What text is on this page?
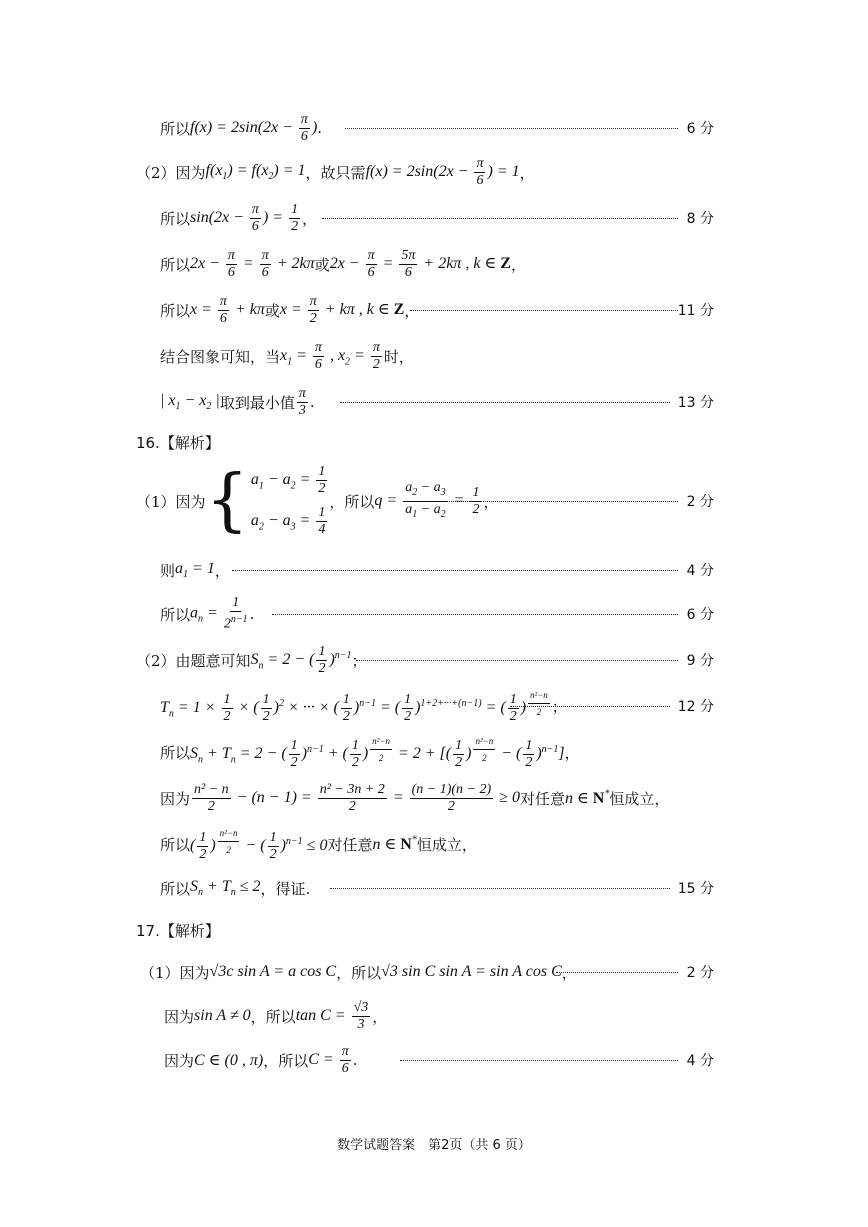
所以 $f(x) = 2\sin(2x - \frac{\pi}{6}$ ) .	6 分
（2）因为 $f(x_1) = f(x_2) = 1$ ，故只需 $f(x) = 2\sin(2x - \frac{\pi}{6}$ ) = 1 ，
所以 $\sin(2x - \frac{\pi}{6}$ ) = $\frac{1}{2}$ ，	8 分
所以 $2x - \frac{\pi}{6} = \frac{\pi}{6} + 2k\pi$ 或 $2x - \frac{\pi}{6} = \frac{5\pi}{6} + 2k\pi$ , k ∈ Z ，
所以 $x = \frac{\pi}{6} + k\pi$ 或 $x = \frac{\pi}{2} + k\pi$ , k ∈ Z ，	11 分
结合图象可知，当 $x_1 = \frac{\pi}{6}$ , $x_2 = \frac{\pi}{2}$ 时，
| $x_1 - x_2$ | 取到最小值 $\frac{\pi}{3}$ .	13 分
16.【解析】
（1）因为 { $a_1 - a_2 = \frac{1}{2}$
$a_2 - a_3 = \frac{1}{4}$
，所以 $q = \frac{a_2 - a_3}{a_1 - a_2} = \frac{1}{2}$ ，	2 分
则 $a_1 = 1$ ，	4 分
所以 $a_n = \frac{1}{2^{n-1}}$ .	6 分
（2）由题意可知 $S_n = 2$ − ( $\frac{1}{2} )^{n-1}$ ；	9 分
$T_n = 1 \times \frac{1}{2}$ × ( $\frac{1}{2} )^2$ × ··· × ( $\frac{1}{2} )^{n-1}$ = ( $\frac{1}{2} )^{1+2+\cdot\cdot\cdot+(n-1)}$ = ( $\frac{1}{2}$ ) $^{\frac{\text{n²−n}}{2}}$ ；	12 分
所以 $S_n + T_n = 2$ − ( $\frac{1}{2} )^{n-1}$ + ( $\frac{1}{2}$ ) $^{\frac{\text{n²−n}}{2}}$ = 2 + [( $\frac{1}{2}$ ) $^{\frac{\text{n²−n}}{2}}$ − ( $\frac{1}{2} )^{n-1}$] ，
因为 $\frac{\text{n² − n}}{2} - (n - 1) = \frac{\text{n² − 3n + 2}}{2} = \frac{(n - 1)(n - 2)}{2} \ge 0$ 对任意 n ∈ N* 恒成立，
所以 ( $\frac{1}{2}$ ) $^{\frac{\text{n²−n}}{2}}$ − ( $\frac{1}{2} )^{n-1} \le 0$ 对任意 n ∈ N* 恒成立，
所以 $S_n + T_n \le 2$ ，得证.	15 分
17.【解析】
（1）因为 √3c sin A = a cos C ，所以 √3 sin C sin A = sin A cos C ，	2 分
因为 sin A ≠ 0 ，所以 $\tan C = \frac{√3}{3}$ ，
因为 C ∈ (0 , π) ，所以 $C = \frac{\pi}{6}$ .	4 分
数学试题答案　第2页（共 6 页）
